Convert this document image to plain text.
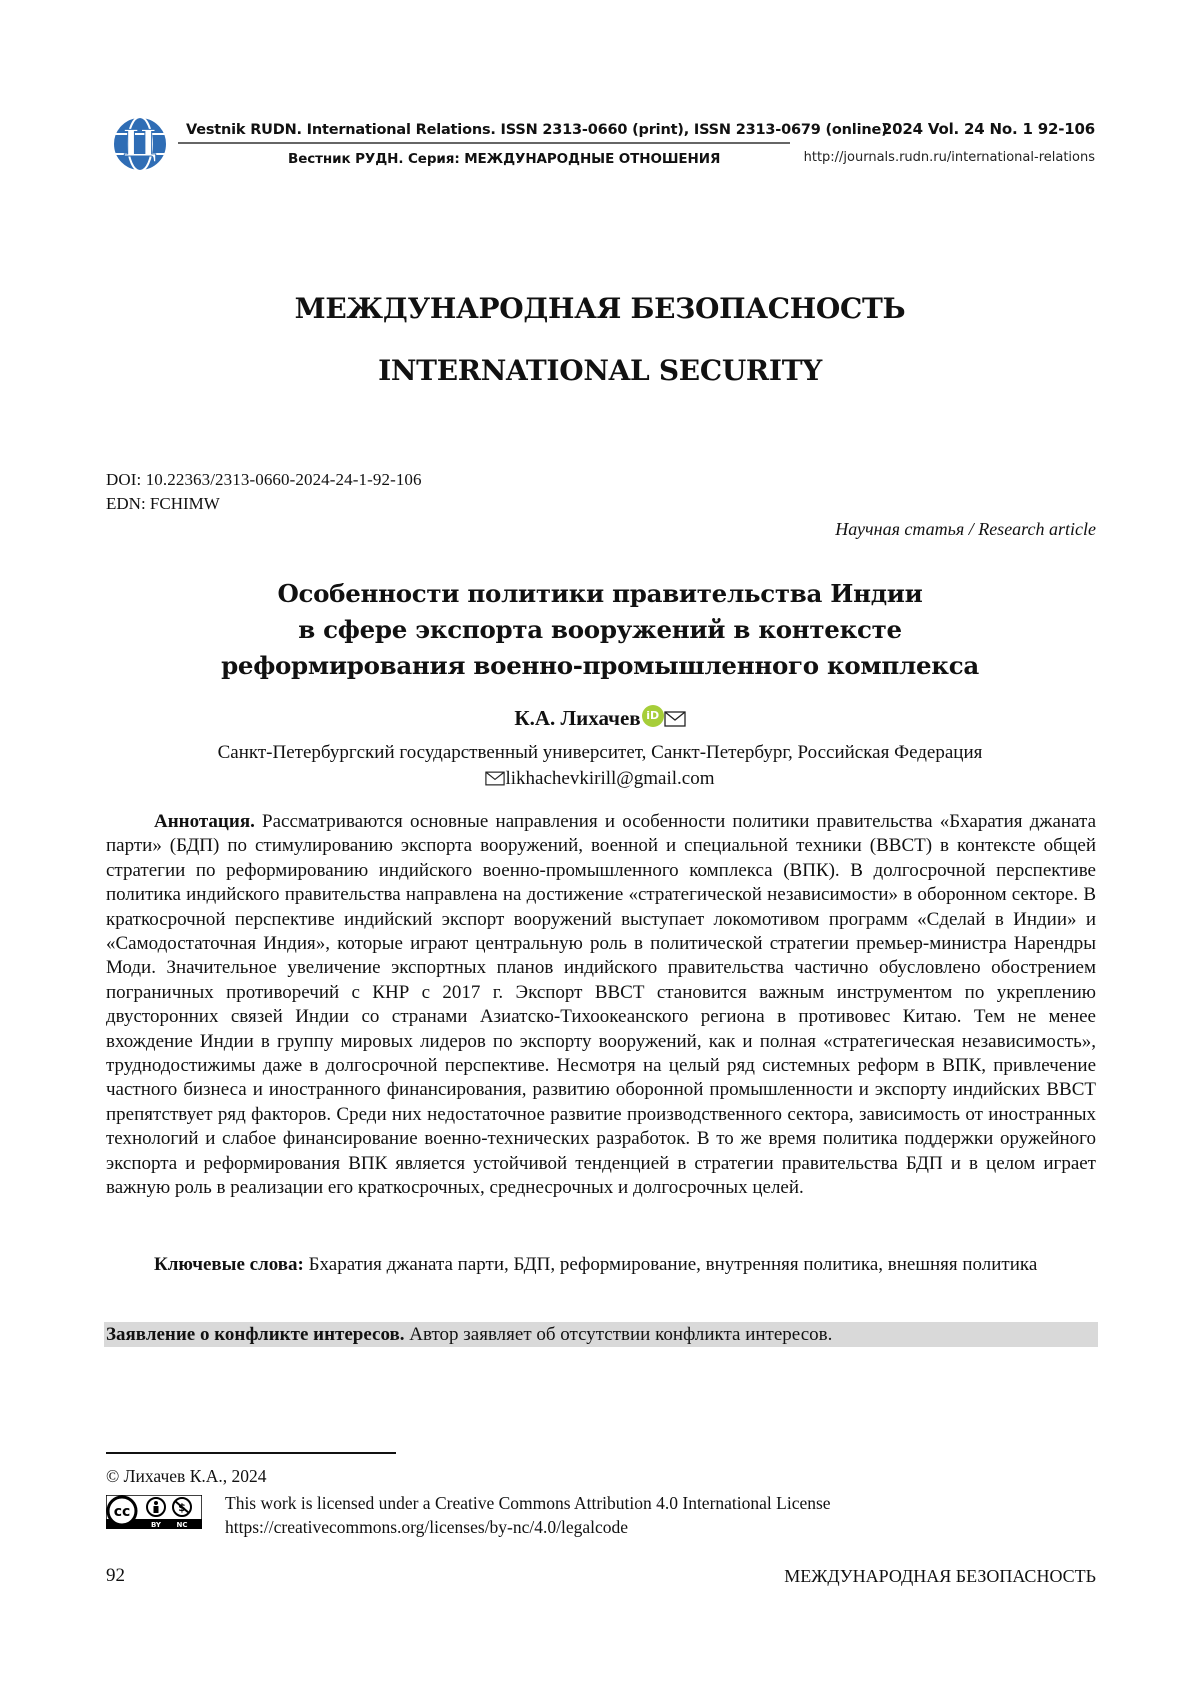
Ц Vestnik RUDN. International Relations. ISSN 2313-0660 (print), ISSN 2313-0679 (online)
Вестник РУДН. Серия: МЕЖДУНАРОДНЫЕ ОТНОШЕНИЯ
2024 Vol. 24 No. 1 92-106
http://journals.rudn.ru/international-relations
МЕЖДУНАРОДНАЯ БЕЗОПАСНОСТЬ
INTERNATIONAL SECURITY
DOI: 10.22363/2313-0660-2024-24-1-92-106
EDN: FCHIMW
Научная статья / Research article
Особенности политики правительства Индии
в сфере экспорта вооружений в контексте
реформирования военно-промышленного комплекса
К.А. Лихачев iD
Санкт-Петербургский государственный университет, Санкт-Петербург, Российская Федерация
likhachevkirill@gmail.com

Аннотация. Рассматриваются основные направления и особенности политики правительства «Бхара­тия джаната парти» (БДП) по стимулированию экспорта вооружений, военной и специальной техники (ВВСТ) в контексте общей стратегии по реформированию индийского военно-промышленного комплекса (ВПК). В долгосрочной перспективе политика индийского правительства направлена на достижение «стра­тегической независимости» в оборонном секторе. В краткосрочной перспективе индийский экспорт воору­жений выступает локомотивом программ «Сделай в Индии» и «Самодостаточная Индия», которые играют центральную роль в политической стратегии премьер-министра Нарендры Моди. Значительное увеличение экспортных планов индийского правительства частично обусловлено обострением пограничных противоре­чий с КНР с 2017 г. Экспорт ВВСТ становится важным инструментом по укреплению двусторонних связей Индии со странами Азиатско-Тихоокеанского региона в противовес Китаю. Тем не менее вхождение Индии в группу мировых лидеров по экспорту вооружений, как и полная «стратегическая независимость», трудно­достижимы даже в долгосрочной перспективе. Несмотря на целый ряд системных реформ в ВПК, привлече­ние частного бизнеса и иностранного финансирования, развитию оборонной промышленности и экспорту индийских ВВСТ препятствует ряд факторов. Среди них недостаточное развитие производственного секто­ра, зависимость от иностранных технологий и слабое финансирование военно-технических разработок. В то же время политика поддержки оружейного экспорта и реформирования ВПК является устойчивой тенден­цией в стратегии правительства БДП и в целом играет важную роль в реализации его краткосрочных, среднесрочных и долгосрочных целей.

Ключевые слова: Бхаратия джаната парти, БДП, реформирование, внутренняя политика, внешняя политика

Заявление о конфликте интересов. Автор заявляет об отсутствии конфликта интересов.
© Лихачев К.А., 2024
cc
BY NC
This work is licensed under a Creative Commons Attribution 4.0 International License
https://creativecommons.org/licenses/by-nc/4.0/legalcode
92	МЕЖДУНАРОДНАЯ БЕЗОПАСНОСТЬ
